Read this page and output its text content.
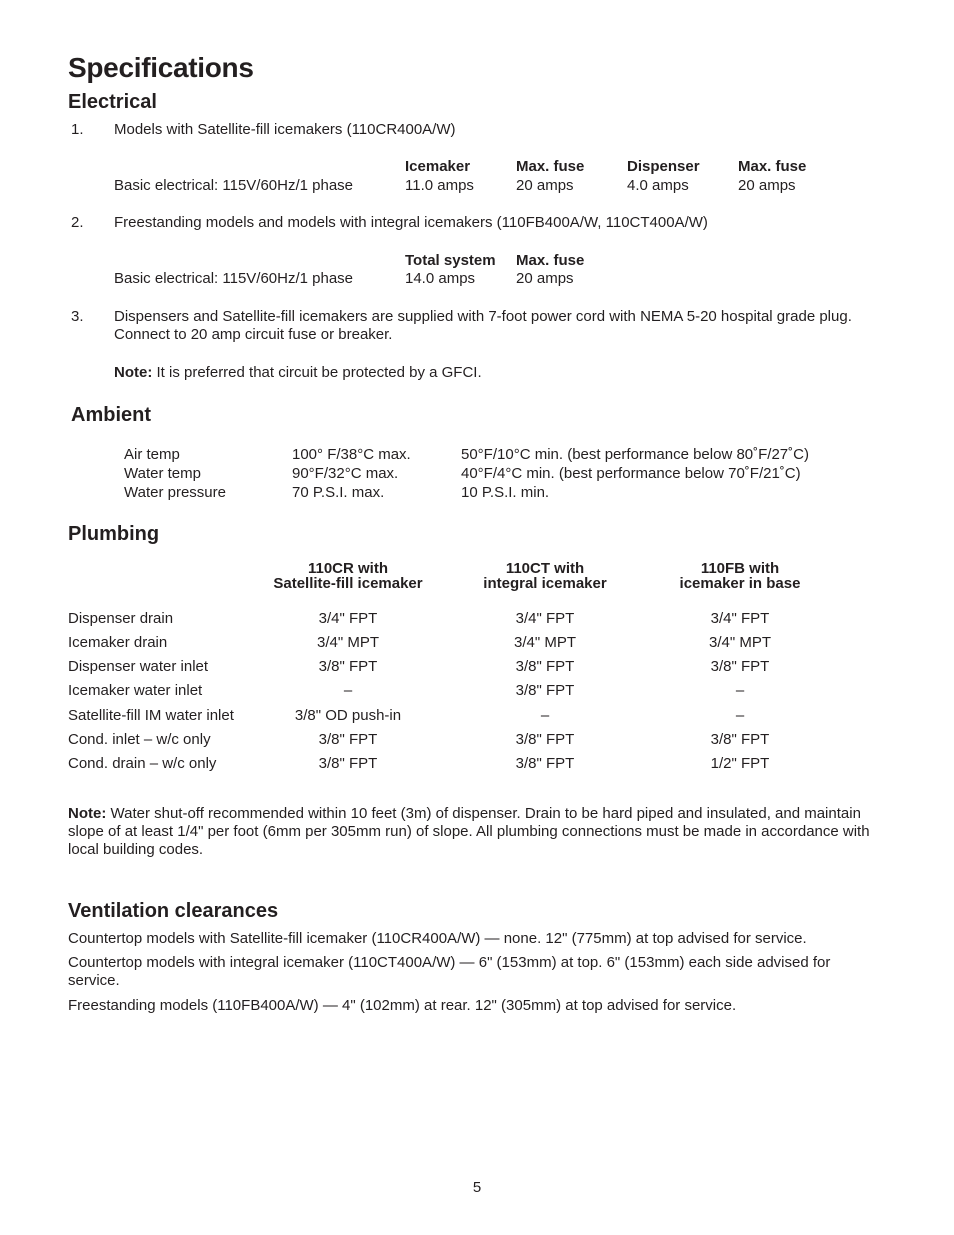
Specifications
Electrical
1. Models with Satellite-fill icemakers (110CR400A/W)
Icemaker	Max. fuse	Dispenser	Max. fuse
Basic electrical: 115V/60Hz/1 phase	11.0 amps	20 amps	4.0 amps	20 amps
2. Freestanding models and models with integral icemakers (110FB400A/W, 110CT400A/W)
Total system Max. fuse
Basic electrical: 115V/60Hz/1 phase	14.0 amps	20 amps
3. Dispensers and Satellite-fill icemakers are supplied with 7-foot power cord with NEMA 5-20 hospital grade plug.
Connect to 20 amp circuit fuse or breaker.
Note: It is preferred that circuit be protected by a GFCI.
Ambient
Air temp	100° F/38°C max.	50°F/10°C min. (best performance below 80˚F/27˚C)
Water temp	90°F/32°C max.	40°F/4°C min. (best performance below 70˚F/21˚C)
Water pressure	70 P.S.I. max.	10 P.S.I. min.
Plumbing
110CR with
Satellite-fill icemaker
110CT with
integral icemaker
110FB with
icemaker in base
Dispenser drain	3/4" FPT	3/4" FPT	3/4" FPT
Icemaker drain	3/4" MPT	3/4" MPT	3/4" MPT
Dispenser water inlet	3/8" FPT	3/8" FPT	3/8" FPT
Icemaker water inlet	–	3/8" FPT	–
Satellite-fill IM water inlet	3/8" OD push-in	–	–
Cond. inlet – w/c only	3/8" FPT	3/8" FPT	3/8" FPT
Cond. drain – w/c only	3/8" FPT	3/8" FPT	1/2" FPT
Note: Water shut-off recommended within 10 feet (3m) of dispenser. Drain to be hard piped and insulated, and maintain
slope of at least 1/4" per foot (6mm per 305mm run) of slope. All plumbing connections must be made in accordance with
local building codes.
Ventilation clearances
Countertop models with Satellite-fill icemaker (110CR400A/W) — none. 12" (775mm) at top advised for service.
Countertop models with integral icemaker (110CT400A/W) — 6" (153mm) at top. 6" (153mm) each side advised for
service.
Freestanding models (110FB400A/W) — 4" (102mm) at rear. 12" (305mm) at top advised for service.
5
